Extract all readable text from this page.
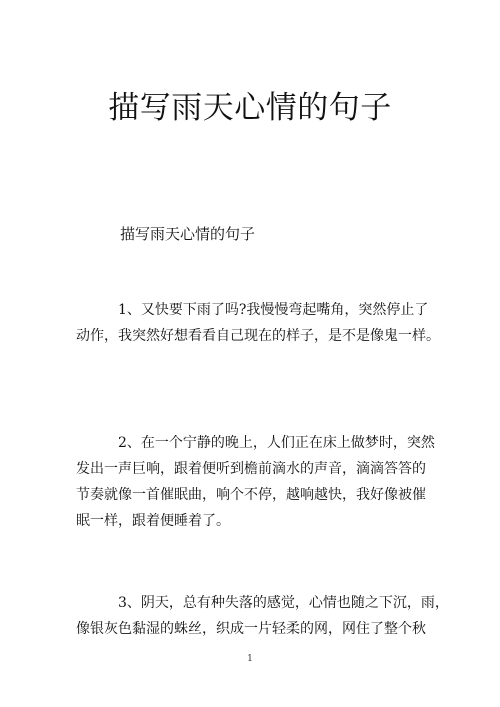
描写雨天心情的句子
描写雨天心情的句子
1、又快要下雨了吗?我慢慢弯起嘴角，突然停止了
动作，我突然好想看看自己现在的样子，是不是像鬼一样。
2、在一个宁静的晚上，人们正在床上做梦时，突然
发出一声巨响，跟着便听到檐前滴水的声音，滴滴答答的
节奏就像一首催眠曲，响个不停，越响越快，我好像被催
眠一样，跟着便睡着了。
3、阴天，总有种失落的感觉，心情也随之下沉，雨，
像银灰色黏湿的蛛丝，织成一片轻柔的网，网住了整个秋
1
